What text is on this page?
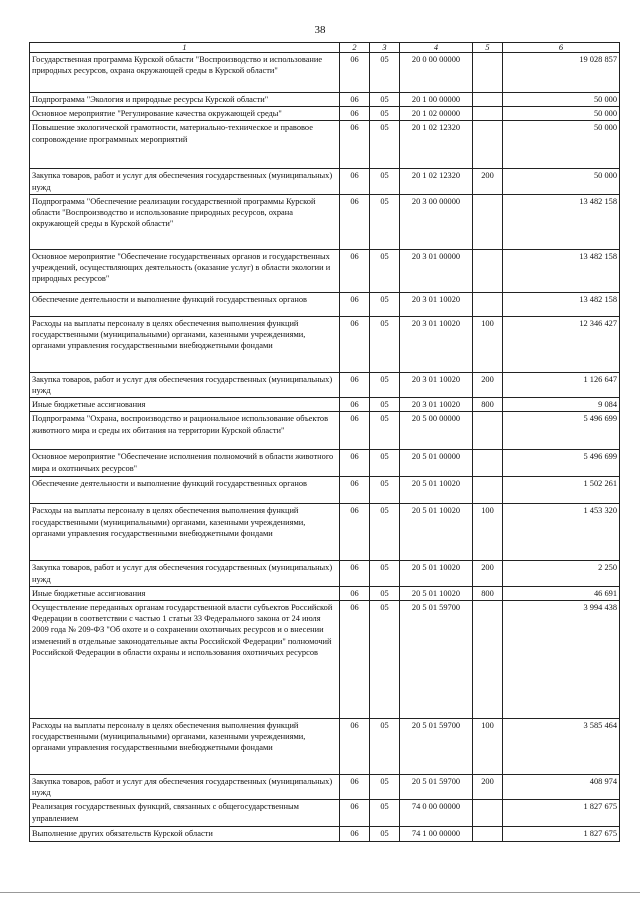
38
1	2	3	4	5	6
Государственная программа Курской области "Воспроизводство и использование природных ресурсов, охрана окружающей среды в Курской области"	06	05	20 0 00 00000		19 028 857
Подпрограмма "Экология и природные ресурсы Курской области"	06	05	20 1 00 00000		50 000
Основное мероприятие "Регулирование качества окружающей среды"	06	05	20 1 02 00000		50 000
Повышение экологической грамотности, материально-техническое и правовое сопровождение программных мероприятий	06	05	20 1 02 12320		50 000
Закупка товаров, работ и услуг для обеспечения государственных (муниципальных) нужд	06	05	20 1 02 12320	200	50 000
Подпрограмма "Обеспечение реализации государственной программы Курской области "Воспроизводство и использование природных ресурсов, охрана окружающей среды в Курской области"	06	05	20 3 00 00000		13 482 158
Основное мероприятие "Обеспечение государственных органов и государственных учреждений, осуществляющих деятельность (оказание услуг) в области экологии и природных ресурсов"	06	05	20 3 01 00000		13 482 158
Обеспечение деятельности и выполнение функций государственных органов	06	05	20 3 01 10020		13 482 158
Расходы на выплаты персоналу в целях обеспечения выполнения функций государственными (муниципальными) органами, казенными учреждениями, органами управления государственными внебюджетными фондами	06	05	20 3 01 10020	100	12 346 427
Закупка товаров, работ и услуг для обеспечения государственных (муниципальных) нужд	06	05	20 3 01 10020	200	1 126 647
Иные бюджетные ассигнования	06	05	20 3 01 10020	800	9 084
Подпрограмма "Охрана, воспроизводство и рациональное использование объектов животного мира и среды их обитания на территории Курской области"	06	05	20 5 00 00000		5 496 699
Основное мероприятие "Обеспечение исполнения полномочий в области животного мира и охотничьих ресурсов"	06	05	20 5 01 00000		5 496 699
Обеспечение деятельности и выполнение функций государственных органов	06	05	20 5 01 10020		1 502 261
Расходы на выплаты персоналу в целях обеспечения выполнения функций государственными (муниципальными) органами, казенными учреждениями, органами управления государственными внебюджетными фондами	06	05	20 5 01 10020	100	1 453 320
Закупка товаров, работ и услуг для обеспечения государственных (муниципальных) нужд	06	05	20 5 01 10020	200	2 250
Иные бюджетные ассигнования	06	05	20 5 01 10020	800	46 691
Осуществление переданных органам государственной власти субъектов Российской Федерации в соответствии с частью 1 статьи 33 Федерального закона от 24 июля 2009 года № 209-ФЗ "Об охоте и о сохранении охотничьих ресурсов и о внесении изменений в отдельные законодательные акты Российской Федерации" полномочий Российской Федерации в области охраны и использования охотничьих ресурсов	06	05	20 5 01 59700		3 994 438
Расходы на выплаты персоналу в целях обеспечения выполнения функций государственными (муниципальными) органами, казенными учреждениями, органами управления государственными внебюджетными фондами	06	05	20 5 01 59700	100	3 585 464
Закупка товаров, работ и услуг для обеспечения государственных (муниципальных) нужд	06	05	20 5 01 59700	200	408 974
Реализация государственных функций, связанных с общегосударственным управлением	06	05	74 0 00 00000		1 827 675
Выполнение других обязательств Курской области	06	05	74 1 00 00000		1 827 675
